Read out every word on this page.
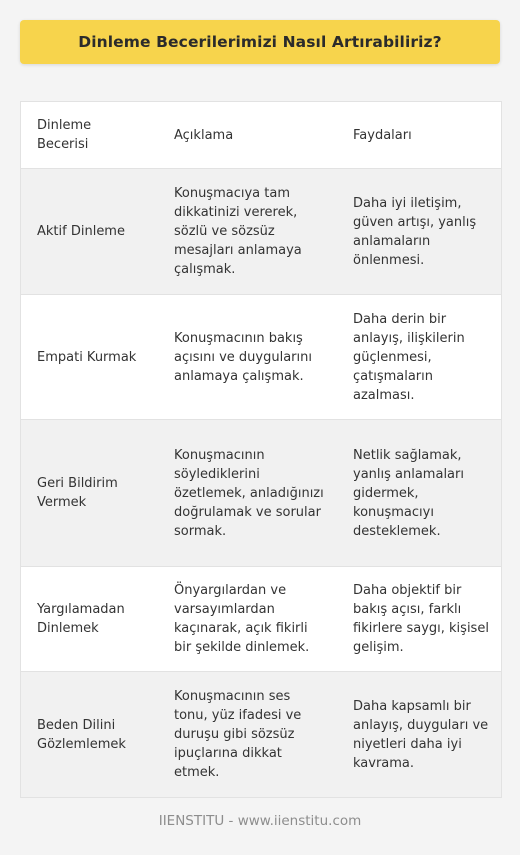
Dinleme Becerilerimizi Nasıl Artırabiliriz?
Dinleme Becerisi
Açıklama	Faydaları
Aktif Dinleme
Konuşmacıya tam dikkatinizi vererek, sözlü ve sözsüz mesajları anlamaya çalışmak.
Daha iyi iletişim, güven artışı, yanlış anlamaların önlenmesi.
Empati Kurmak
Konuşmacının bakış açısını ve duygularını anlamaya çalışmak.
Daha derin bir anlayış, ilişkilerin güçlenmesi, çatışmaların azalması.
Geri Bildirim Vermek
Konuşmacının söylediklerini özetlemek, anladığınızı doğrulamak ve sorular sormak.
Netlik sağlamak, yanlış anlamaları gidermek, konuşmacıyı desteklemek.
Yargılamadan Dinlemek
Önyargılardan ve varsayımlardan kaçınarak, açık fikirli bir şekilde dinlemek.
Daha objektif bir bakış açısı, farklı fikirlere saygı, kişisel gelişim.
Beden Dilini Gözlemlemek
Konuşmacının ses tonu, yüz ifadesi ve duruşu gibi sözsüz ipuçlarına dikkat etmek.
Daha kapsamlı bir anlayış, duyguları ve niyetleri daha iyi kavrama.
IIENSTITU - www.iienstitu.com
